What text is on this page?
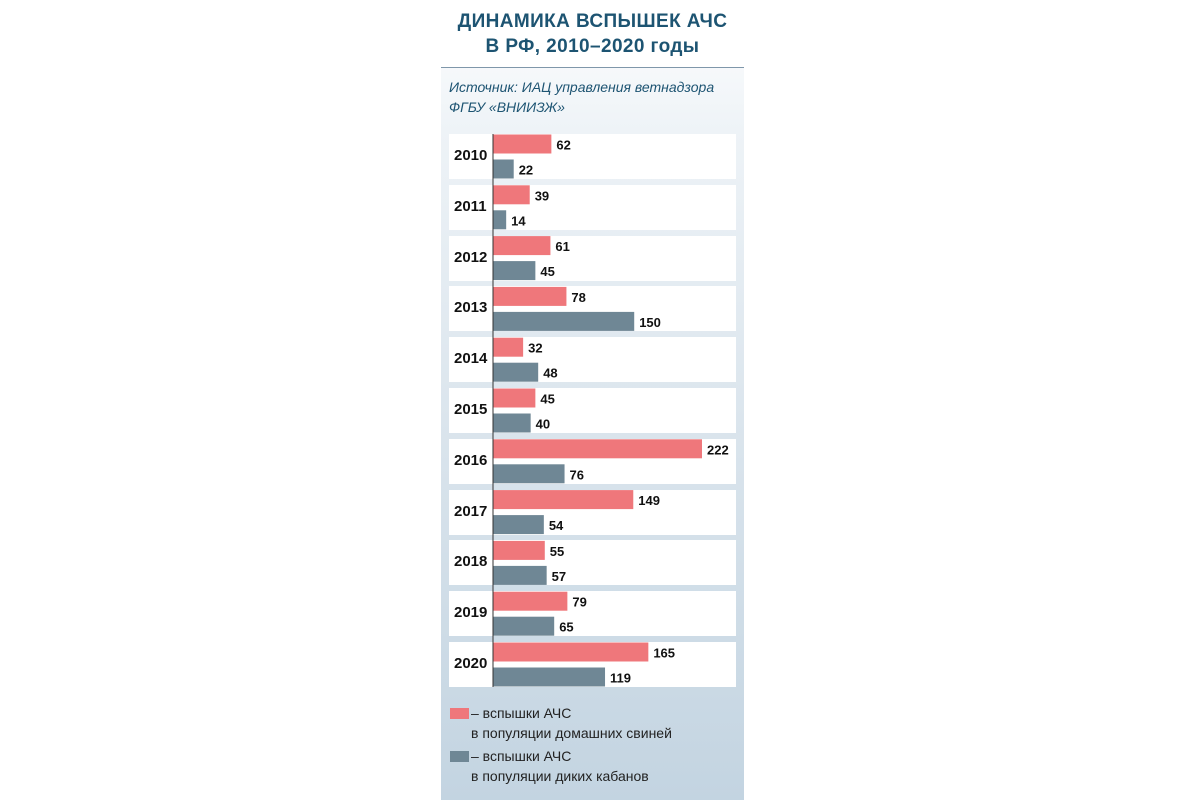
ДИНАМИКА ВСПЫШЕК АЧС
В РФ, 2010–2020 годы
Источник: ИАЦ управления ветнадзора
ФГБУ «ВНИИЗЖ»
2010
2011
2012
2013
2014
2015
2016
2017
2018
2019
2020
62
22
39
14
61
45
78
150
32
48
45
40
222
76
149
54
55
57
79
65
165
119
– вспышки АЧС
в популяции домашних свиней
– вспышки АЧС
в популяции диких кабанов
